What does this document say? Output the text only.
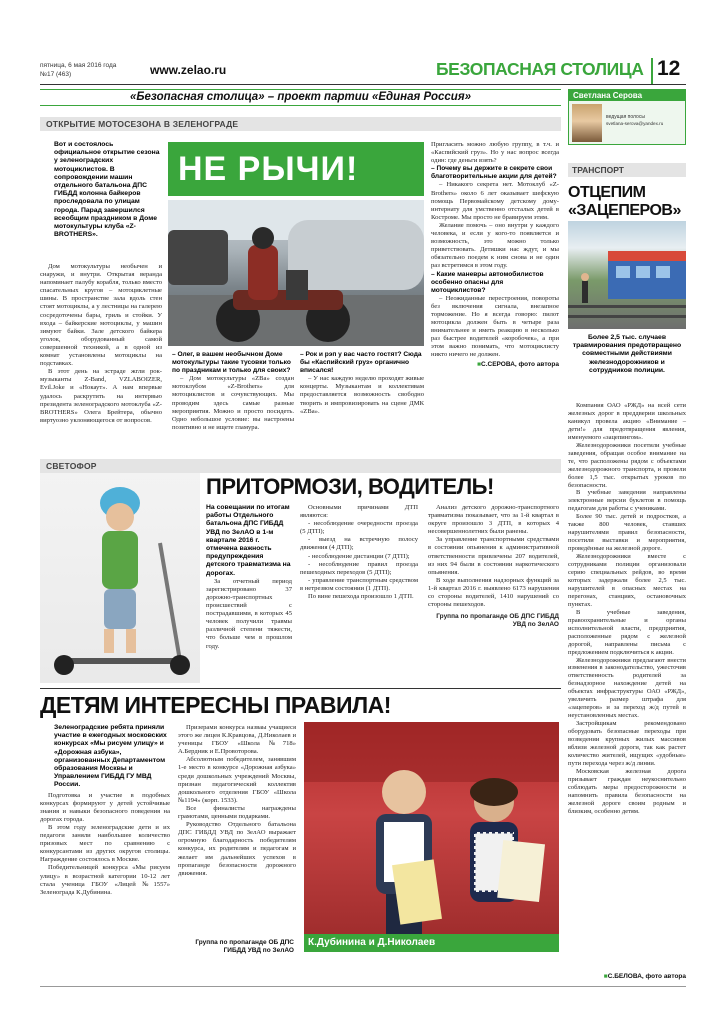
пятница, 6 мая 2016 года
№17 (463)	www.zelao.ru	БЕЗОПАСНАЯ СТОЛИЦА 12
«Безопасная столица» – проект партии «Единая Россия»	Светлана Серова
ведущая полосы
svetlana-serova@yandex.ru
ОТКРЫТИЕ МОТОСЕЗОНА В ЗЕЛЕНОГРАДЕ
Вот и состоялось официальное открытие сезона у зеленоградских мотоциклистов. В сопровождении машин отдельного батальона ДПС ГИБДД колонна байкеров проследовала по улицам города. Парад завершился всеобщим праздником в Доме мотокультуры клуба «Z-BROTHERS».
НЕ РЫЧИ!

Дом мотокультуры необычен и снаружи, и внутри. Открытая веранда напоминает палубу корабля, только вместо спасательных кругов – мотоциклетные шины. В пространстве зала вдоль стен стоят мотоциклы, а у лестницы на галерею сосредоточены бары, гриль и стойки. У входа – байкерские мотоциклы, у машин зимуют байки. Зале детского байкера уголок, оборудованный самой совершенной техникой, а в одной из комнат установлены мотоциклы на подставках.

В этот день на эстраде жгли рок-музыканты Z-Band, VZLABOIZER, Evil.Joke и «Нокаут». А нам впервые удалось раскрутить на интервью президента зеленоградского мотоклуба «Z-BROTHERS» Олега Брейтера, обычно виртуозно уклоняющегося от вопросов.

– Олег, в вашем необычном Доме мотокультуры такие тусовки только по праздникам и только для своих?

– Дом мотокультуры «ZBa» создан мотоклубом «Z-Brothers» для мотоциклистов и сочувствующих. Мы проводим здесь самые разные мероприятия. Можно и просто посидеть. Одно небольшое условие: вы настроены позитивно и не ищете гламура.

– Рок и рэп у вас часто гостят? Сюда бы «Каспийский груз» органично вписался!

– У нас каждую неделю проходят живые концерты. Музыкантам и коллективам предоставляется возможность свободно творить и импровизировать на сцене ДМК «ZBa».

Пригласить можно любую группу, в т.ч. и «Каспийский груз». Но у нас вопрос всегда один: где деньги взять?

– Почему вы держите в секрете свои благотворительные акции для детей?

– Никакого секрета нет. Мотоклуб «Z-Brothers» около 6 лет оказывает шефскую помощь Первомайскому детскому дому-интернату для умственно отсталых детей в Костроме. Мы просто не бравируем этим.

Желание помочь – оно внутри у каждого человека, и если у кого-то появляется и возможность, это можно только приветствовать. Детишки нас ждут, и мы обязательно поедем к ним снова и не один раз встретимся в этом году.

– Какие маневры автомобилистов особенно опасны для мотоциклистов?

– Неожиданные перестроения, повороты без включения сигнала, внезапное торможение. Но я всегда говорю: пилот мотоцикла должен быть в четыре раза внимательнее и иметь реакцию в несколько раз быстрее водителей «коробочек», а при этом важно понимать, что мотоциклисту никто ничего не должен.

■С.СЕРОВА, фото автора

ТРАНСПОРТ
ОТЦЕПИМ «ЗАЦЕПЕРОВ»
Более 2,5 тыс. случаев травмирования предотвращено совместными действиями железнодорожников и сотрудников полиции.

Компания ОАО «РЖД» на всей сети железных дорог в преддверии школьных каникул провела акцию «Внимание – дети!» для предотвращения явления, именуемого «зацепингом».

Железнодорожники посетили учебные заведения, обращая особое внимание на те, что расположены рядом с объектами железнодорожного транспорта, и провели более 1,5 тыс. открытых уроков по безопасности.

В учебные заведения направлены электронные версии буклетов в помощь педагогам для работы с учениками.

Более 90 тыс. детей и подростков, а также 800 человек, ставших нарушителями правил безопасности, посетили выставки и мероприятия, проведённые на железной дороге.

Железнодорожники вместе с сотрудниками полиции организовали серию специальных рейдов, во время которых задержали более 2,5 тыс. нарушителей в опасных местах на перегонах, станциях, остановочных пунктах.

В учебные заведения, правоохранительные и органы исполнительной власти, предприятия, расположенные рядом с железной дорогой, направлены письма с предложением подключиться к акции.

Железнодорожники предлагают внести изменения в законодательство, ужесточив ответственность родителей за безнадзорное нахождение детей на объектах инфраструктуры ОАО «РЖД», увеличить размер штрафа для «зацеперов» и за переход ж/д путей в неустановленных местах.

Застройщикам рекомендовано оборудовать безопасные переходы при возведении крупных жилых массивов вблизи железной дороги, так как растет количество жителей, ищущих «удобные» пути перехода через ж/д линии.

Московская железная дорога призывает граждан неукоснительно соблюдать меры предосторожности и напомнить правила безопасности на железной дороге своим родным и близким, особенно детям.

■С.БЕЛОВА, фото автора
СВЕТОФОР
ПРИТОРМОЗИ, ВОДИТЕЛЬ!

На совещании по итогам работы Отдельного батальона ДПС ГИБДД УВД по ЗелАО в 1-м квартале 2016 г. отмечена важность предупреждения детского травматизма на дорогах.

За отчетный период зарегистрировано 37 дорожно-транспортных происшествий с пострадавшими, в которых 45 человек получили травмы различной степени тяжести, что больше чем в прошлом году.

Основными причинами ДТП являются:

- несоблюдение очередности проезда (5 ДТП);

- выезд на встречную полосу движения (4 ДТП);

- несоблюдение дистанции (7 ДТП);

- несоблюдение правил проезда пешеходных переходов (5 ДТП);

- управление транспортным средством в нетрезвом состоянии (1 ДТП).

По вине пешехода произошло 1 ДТП.

Анализ детского дорожно-транспортного травматизма показывает, что за 1-й квартал в округе произошло 3 ДТП, в которых 4 несовершеннолетних были ранены.

За управление транспортными средствами в состоянии опьянения к административной ответственности привлечены 207 водителей, из них 94 были в состоянии наркотического опьянения.

В ходе выполнения надзорных функций за 1-й квартал 2016 г. выявлено 6173 нарушения со стороны водителей, 1410 нарушений со стороны пешеходов.

Группа по пропаганде ОБ ДПС ГИБДД УВД по ЗелАО

ДЕТЯМ ИНТЕРЕСНЫ ПРАВИЛА!

Зеленоградские ребята приняли участие в ежегодных московских конкурсах «Мы рисуем улицу» и «Дорожная азбука», организованных Департаментом образования Москвы и Управлением ГИБДД ГУ МВД России.

Подготовка и участие в подобных конкурсах формируют у детей устойчивые знания и навыки безопасного поведения на дорогах города.

В этом году зеленоградские дети и их педагоги заняли наибольшее количество призовых мест по сравнению с конкурсантами из других округов столицы. Награждение состоялось в Москве.

Победительницей конкурса «Мы рисуем улицу» в возрастной категории 10-12 лет стала ученица ГБОУ «Лицей №1557» Зеленограда К.Дубинина.

Призерами конкурса назваы учащиеся этого же лицея К.Кравцова, Д.Николаев и ученицы ГБОУ «Школа №718» А.Бердник и Е.Провоторова.

Абсолютным победителем, занявшим 1-е место в конкурсе «Дорожная азбука» среди дошкольных учреждений Москвы, признан педагогический коллектив дошкольного отделения ГБОУ «Школа №1194» (корп. 1533).

Все финалисты награждены грамотами, ценными подарками.

Руководство Отдельного батальона ДПС ГИБДД УВД по ЗелАО выражает огромную благодарность победителям конкурса, их родителям и педагогам и желает им дальнейших успехов в пропаганде безопасности дорожного движения.

Группа по пропаганде ОБ ДПС ГИБДД УВД по ЗелАО
К.Дубинина и Д.Николаев
